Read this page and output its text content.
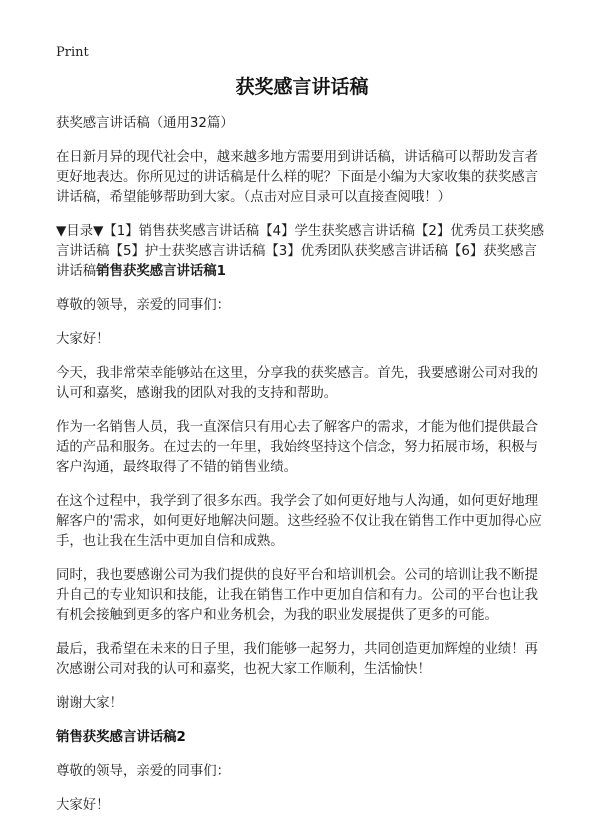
Print
获奖感言讲话稿

获奖感言讲话稿（通用32篇）

在日新月异的现代社会中，越来越多地方需要用到讲话稿，讲话稿可以帮助发言者更好地表达。你所见过的讲话稿是什么样的呢？下面是小编为大家收集的获奖感言讲话稿，希望能够帮助到大家。（点击对应目录可以直接查阅哦！）

▼目录▼【1】销售获奖感言讲话稿【4】学生获奖感言讲话稿【2】优秀员工获奖感言讲话稿【5】护士获奖感言讲话稿【3】优秀团队获奖感言讲话稿【6】获奖感言讲话稿销售获奖感言讲话稿1

尊敬的领导，亲爱的同事们：

大家好！

今天，我非常荣幸能够站在这里，分享我的获奖感言。首先，我要感谢公司对我的认可和嘉奖，感谢我的团队对我的支持和帮助。

作为一名销售人员，我一直深信只有用心去了解客户的需求，才能为他们提供最合适的产品和服务。在过去的一年里，我始终坚持这个信念，努力拓展市场，积极与客户沟通，最终取得了不错的销售业绩。

在这个过程中，我学到了很多东西。我学会了如何更好地与人沟通，如何更好地理解客户的'需求，如何更好地解决问题。这些经验不仅让我在销售工作中更加得心应手，也让我在生活中更加自信和成熟。

同时，我也要感谢公司为我们提供的良好平台和培训机会。公司的培训让我不断提升自己的专业知识和技能，让我在销售工作中更加自信和有力。公司的平台也让我有机会接触到更多的客户和业务机会，为我的职业发展提供了更多的可能。

最后，我希望在未来的日子里，我们能够一起努力，共同创造更加辉煌的业绩！再次感谢公司对我的认可和嘉奖，也祝大家工作顺利，生活愉快！

谢谢大家！

销售获奖感言讲话稿2

尊敬的领导，亲爱的同事们：

大家好！
